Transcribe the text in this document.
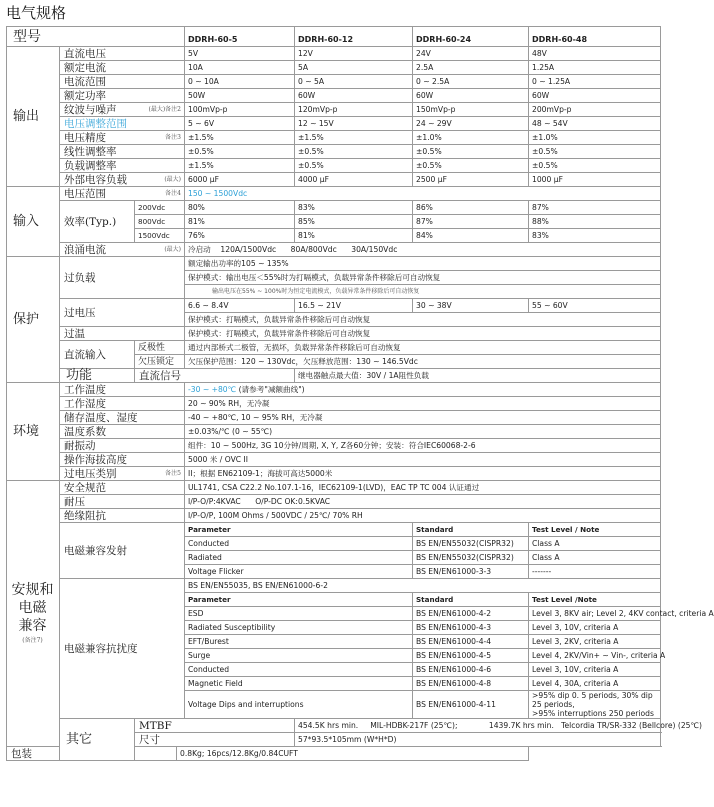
电气规格
型号				DDRH-60-5	DDRH-60-12	DDRH-60-24	DDRH-60-48
输出	直流电压			5V	12V	24V	48V
	额定电流			10A	5A	2.5A	1.25A
	电流范围			0 ~ 10A	0 ~ 5A	0 ~ 2.5A	0 ~ 1.25A
	额定功率			50W	60W	60W	60W
	纹波与噪声 (最大)备注2			100mVp-p	120mVp-p	150mVp-p	200mVp-p
	电压调整范围			5 ~ 6V	12 ~ 15V	24 ~ 29V	48 ~ 54V
	电压精度 备注3			±1.5%	±1.5%	±1.0%	±1.0%
	线性调整率			±0.5%	±0.5%	±0.5%	±0.5%
	负载调整率			±1.5%	±0.5%	±0.5%	±0.5%
	外部电容负载 (最大)			6000 μF	4000 μF	2500 μF	1000 μF
输入	电压范围 备注4			150 ~ 1500Vdc			
	效率(Typ.)	200Vdc		80%	83%	86%	87%
		800Vdc		81%	85%	87%	88%
		1500Vdc		76%	81%	84%	83%
	浪涌电流 (最大)			冷启动    120A/1500Vdc      80A/800Vdc      30A/150Vdc			
保护	过负载			额定输出功率的105 ~ 135%			
				保护模式：输出电压＜55%时为打嗝模式，负载异常条件移除后可自动恢复			
				输出电压在55% ~ 100%时为恒定电流模式，负载异常条件移除后可自动恢复			
	过电压			6.6 ~ 8.4V	16.5 ~ 21V	30 ~ 38V	55 ~ 60V
				保护模式：打嗝模式，负载异常条件移除后可自动恢复			
	过温			保护模式：打嗝模式，负载异常条件移除后可自动恢复			
	直流输入	反极性		通过内部桥式二极管，无损坏，负载异常条件移除后可自动恢复			
		欠压锁定		欠压保护范围：120 ~ 130Vdc，欠压释放范围：130 ~ 146.5Vdc			
	功能	直流信号			继电器触点最大值：30V / 1A阻性负载		
环境	工作温度			-30 ~ +80℃ (请参考"减额曲线")			
	工作湿度			20 ~ 90% RH，无冷凝			
	储存温度、湿度			-40 ~ +80℃, 10 ~ 95% RH，无冷凝			
	温度系数			±0.03%/℃ (0 ~ 55℃)			
	耐振动			组件：10 ~ 500Hz, 3G 10分钟/周期, X, Y, Z各60分钟；安装：符合IEC60068-2-6			
	操作海拔高度			5000 米 / OVC II			
	过电压类别 备注5			II；根据 EN62109-1；海拔可高达5000米			
安规和
电磁
兼容
(备注7)	安全规范			UL1741, CSA C22.2 No.107.1-16，IEC62109-1(LVD)，EAC TP TC 004 认证通过			
	耐压			I/P-O/P:4KVAC      O/P-DC OK:0.5KVAC			
	绝缘阻抗			I/P-O/P, 100M Ohms / 500VDC / 25℃/ 70% RH			
	电磁兼容发射			Parameter		Standard	Test Level / Note
				Conducted		BS EN/EN55032(CISPR32)	Class A
				Radiated		BS EN/EN55032(CISPR32)	Class A
				Voltage Flicker		BS EN/EN61000-3-3	-------
	电磁兼容抗扰度			BS EN/EN55035, BS EN/EN61000-6-2			
				Parameter		Standard	Test Level /Note
				ESD		BS EN/EN61000-4-2	Level 3, 8KV air; Level 2, 4KV contact, criteria A
				Radiated Susceptibility		BS EN/EN61000-4-3	Level 3, 10V, criteria A
				EFT/Burest		BS EN/EN61000-4-4	Level 3, 2KV, criteria A
				Surge		BS EN/EN61000-4-5	Level 4, 2KV/Vin+ ~ Vin-, criteria A
				Conducted		BS EN/EN61000-4-6	Level 3, 10V, criteria A
				Magnetic Field		BS EN/EN61000-4-8	Level 4, 30A, criteria A
				Voltage Dips and interruptions		BS EN/EN61000-4-11	>95% dip 0. 5 periods, 30% dip 25 periods,
>95% interruptions 250 periods
	其它	MTBF			454.5K hrs min.     MIL-HDBK-217F (25℃);             1439.7K hrs min.   Telcordia TR/SR-332 (Bellcore) (25℃)		
		尺寸			57*93.5*105mm (W*H*D)		
包装			0.8Kg; 16pcs/12.8Kg/0.84CUFT				
